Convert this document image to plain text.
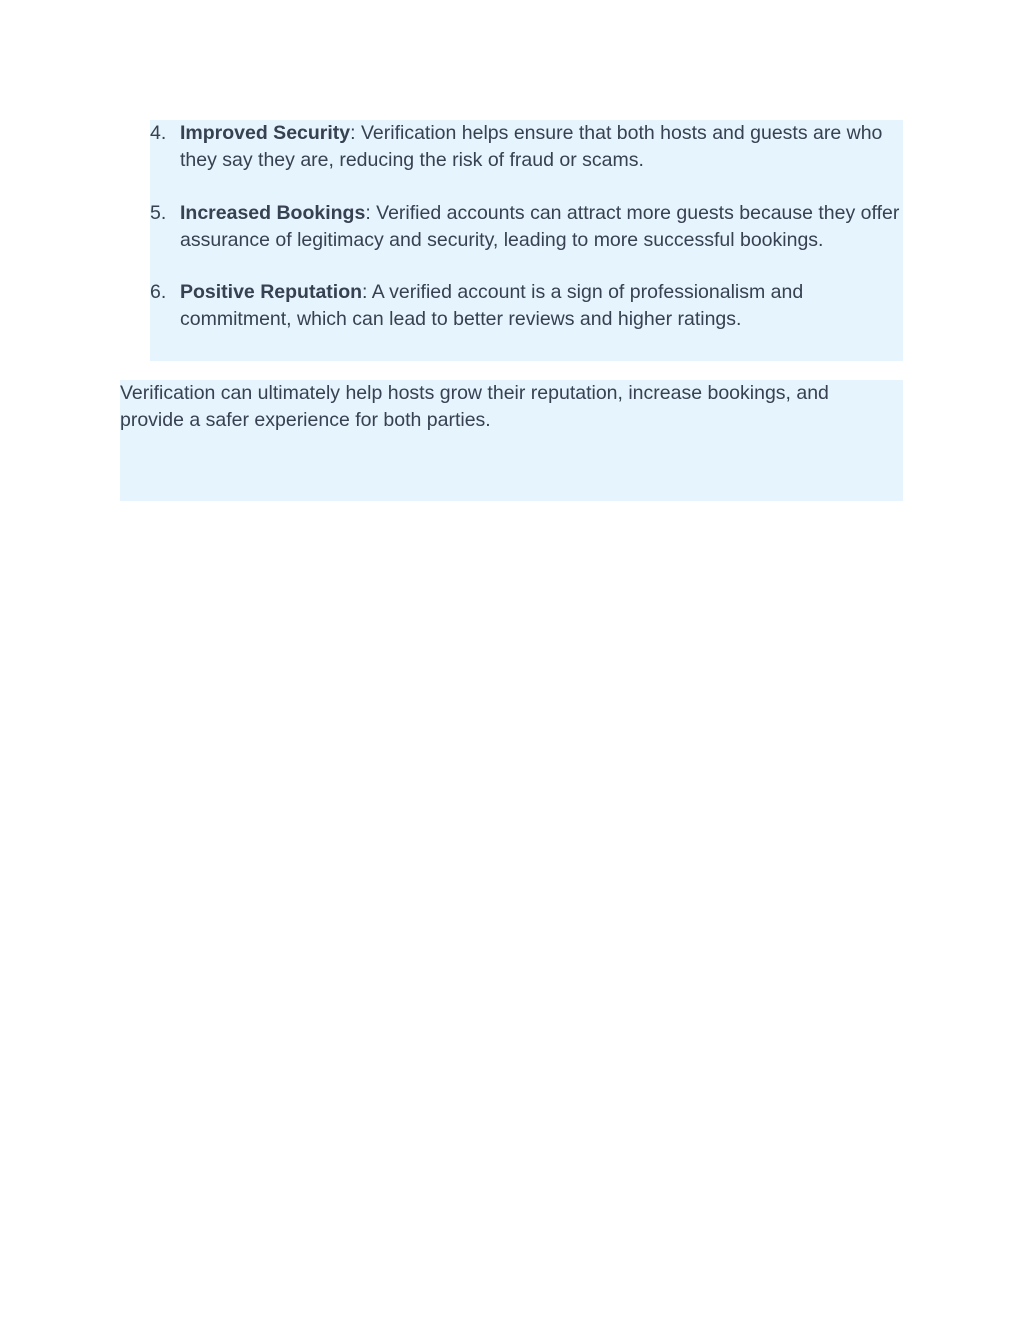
4. Improved Security: Verification helps ensure that both hosts and guests are who they say they are, reducing the risk of fraud or scams.
5. Increased Bookings: Verified accounts can attract more guests because they offer assurance of legitimacy and security, leading to more successful bookings.
6. Positive Reputation: A verified account is a sign of professionalism and commitment, which can lead to better reviews and higher ratings.

Verification can ultimately help hosts grow their reputation, increase bookings, and provide a safer experience for both parties.
